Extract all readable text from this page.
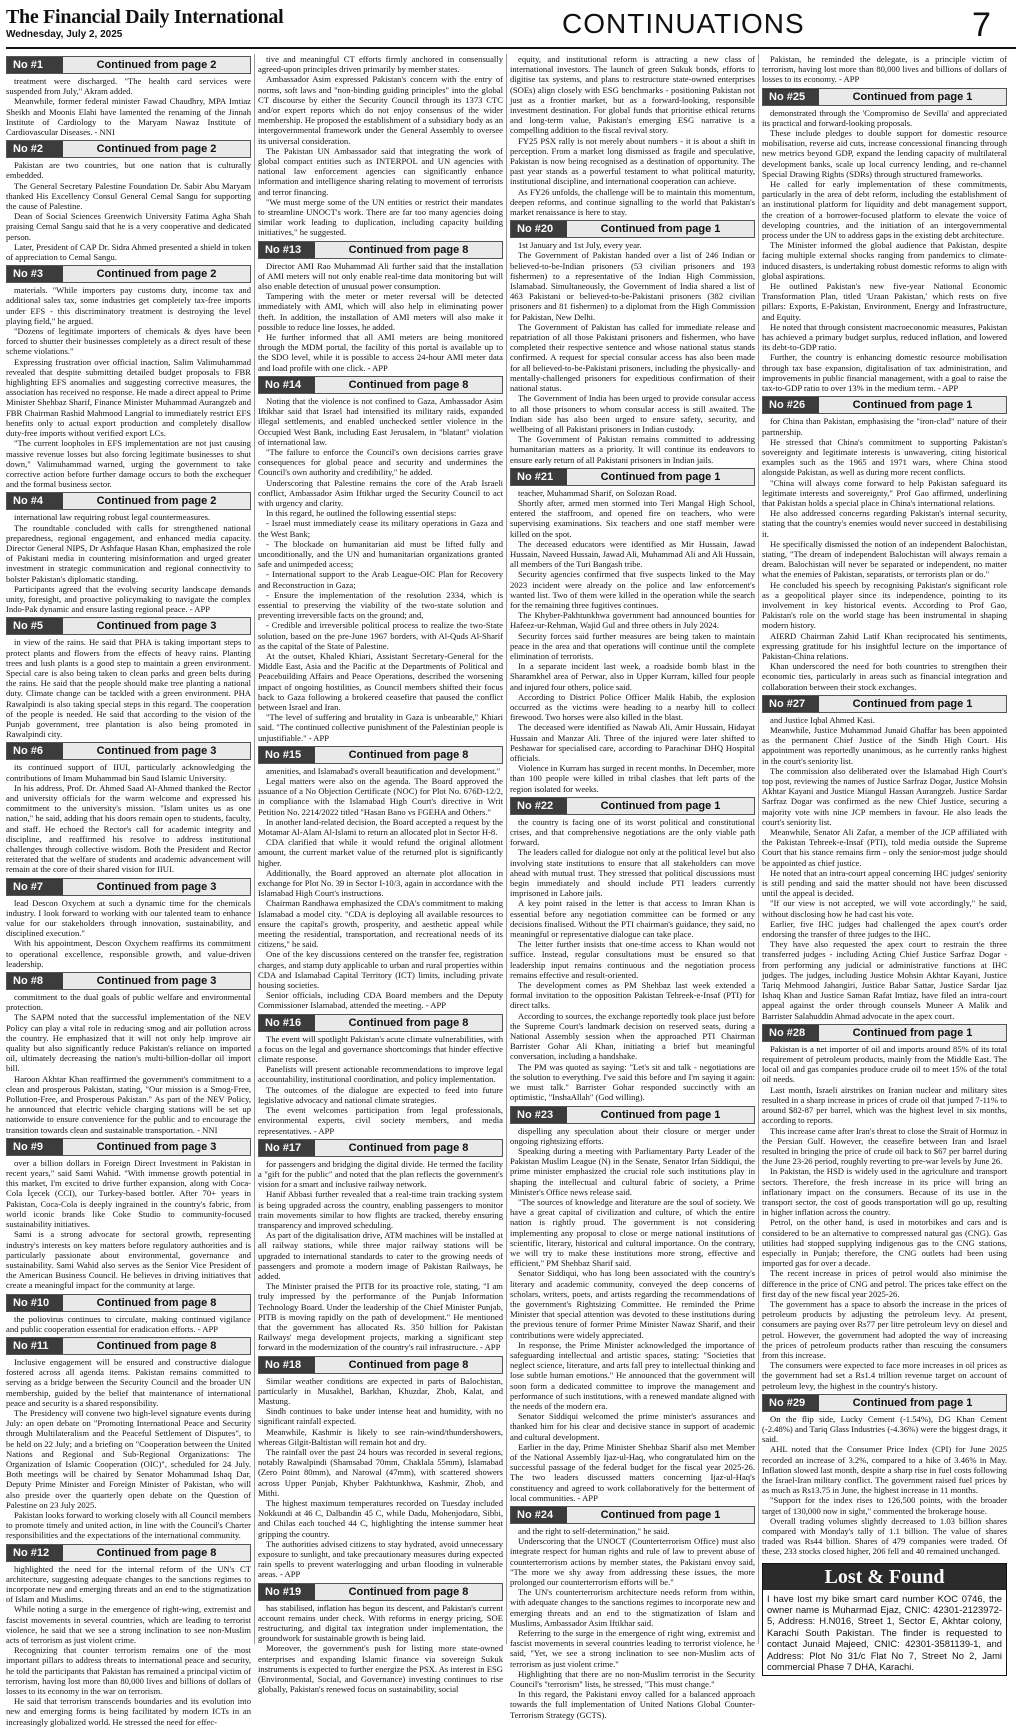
The Financial Daily International
Wednesday, July 2, 2025	CONTINUATIONS	7
No #1	Continued from page 2

treatment were discharged. "The health card services were suspended from July," Akram added.

Meanwhile, former federal minister Fawad Chaudhry, MPA Imtiaz Sheikh and Moonis Elahi have lamented the renaming of the Jinnah Institute of Cardiology to the Maryam Nawaz Institute of Cardiovascular Diseases. - NNI

No #2	Continued from page 2

Pakistan are two countries, but one nation that is culturally embedded.

The General Secretary Palestine Foundation Dr. Sabir Abu Maryam thanked His Excellency Consul General Cemal Sangu for supporting the cause of Palestine.

Dean of Social Sciences Greenwich University Fatima Agha Shah praising Cemal Sangu said that he is a very cooperative and dedicated person.

Later, President of CAP Dr. Sidra Ahmed presented a shield in token of appreciation to Cemal Sangu.

No #3	Continued from page 2

materials. "While importers pay customs duty, income tax and additional sales tax, some industries get completely tax-free imports under EFS - this discriminatory treatment is destroying the level playing field," he argued.

"Dozens of legitimate importers of chemicals & dyes have been forced to shutter their businesses completely as a direct result of these scheme violations."

Expressing frustration over official inaction, Salim Valimuhammad revealed that despite submitting detailed budget proposals to FBR highlighting EFS anomalies and suggesting corrective measures, the association has received no response. He made a direct appeal to Prime Minister Shehbaz Sharif, Finance Minister Muhammad Aurangzeb and FBR Chairman Rashid Mahmood Langrial to immediately restrict EFS benefits only to actual export production and completely disallow duty-free imports without verified export LCs.

"The current loopholes in EFS implementation are not just causing massive revenue losses but also forcing legitimate businesses to shut down," Valimuhammad warned, urging the government to take corrective action before further damage occurs to both the exchequer and the formal business sector.

No #4	Continued from page 2

international law requiring robust legal countermeasures.

The roundtable concluded with calls for strengthened national preparedness, regional engagement, and enhanced media capacity. Director General NIPS, Dr Ashfaque Hasan Khan, emphasized the role of Pakistani media in countering misinformation and urged greater investment in strategic communication and regional connectivity to bolster Pakistan's diplomatic standing.

Participants agreed that the evolving security landscape demands unity, foresight, and proactive policymaking to navigate the complex Indo-Pak dynamic and ensure lasting regional peace. - APP

No #5	Continued from page 3

in view of the rains. He said that PHA is taking important steps to protect plants and flowers from the effects of heavy rains. Planting trees and lush plants is a good step to maintain a green environment. Special care is also being taken to clean parks and green belts during the rains. He said that the people should make tree planting a national duty. Climate change can be tackled with a green environment. PHA Rawalpindi is also taking special steps in this regard. The cooperation of the people is needed. He said that according to the vision of the Punjab government, tree plantation is also being promoted in Rawalpindi city.

No #6	Continued from page 3

its continued support of IIUI, particularly acknowledging the contributions of Imam Muhammad bin Saud Islamic University.

In his address, Prof. Dr. Ahmed Saad Al-Ahmed thanked the Rector and university officials for the warm welcome and expressed his commitment to the university's mission. "Islam unites us as one nation," he said, adding that his doors remain open to students, faculty, and staff. He echoed the Rector's call for academic integrity and discipline, and reaffirmed his resolve to address institutional challenges through collective wisdom. Both the President and Rector reiterated that the welfare of students and academic advancement will remain at the core of their shared vision for IIUI.

No #7	Continued from page 3

lead Descon Oxychem at such a dynamic time for the chemicals industry. I look forward to working with our talented team to enhance value for our stakeholders through innovation, sustainability, and disciplined execution."

With his appointment, Descon Oxychem reaffirms its commitment to operational excellence, responsible growth, and value-driven leadership.

No #8	Continued from page 3

commitment to the dual goals of public welfare and environmental protection.

The SAPM noted that the successful implementation of the NEV Policy can play a vital role in reducing smog and air pollution across the country. He emphasized that it will not only help improve air quality but also significantly reduce Pakistan's reliance on imported oil, ultimately decreasing the nation's multi-billion-dollar oil import bill.

Haroon Akhtar Khan reaffirmed the government's commitment to a clean and prosperous Pakistan, stating, "Our mission is a Smog-Free, Pollution-Free, and Prosperous Pakistan." As part of the NEV Policy, he announced that electric vehicle charging stations will be set up nationwide to ensure convenience for the public and to encourage the transition towards clean and sustainable transportation. - NNI

No #9	Continued from page 3

over a billion dollars in Foreign Direct Investment in Pakistan in recent years," said Sami Wahid. "With immense growth potential in this market, I'm excited to drive further expansion, along with Coca-Cola İçecek (CCI), our Turkey-based bottler. After 70+ years in Pakistan, Coca-Cola is deeply ingrained in the country's fabric, from world iconic brands like Coke Studio to community-focused sustainability initiatives.

Sami is a strong advocate for sectoral growth, representing industry's interests on key matters before regulatory authorities and is particularly passionate about environmental, governance and sustainability. Sami Wahid also serves as the Senior Vice President of the American Business Council. He believes in driving initiatives that create a meaningful impact for the community at large.

No #10	Continued from page 8

the poliovirus continues to circulate, making continued vigilance and public cooperation essential for eradication efforts. - APP

No #11	Continued from page 8

Inclusive engagement will be ensured and constructive dialogue fostered across all agenda items. Pakistan remains committed to serving as a bridge between the Security Council and the broader UN membership, guided by the belief that maintenance of international peace and security is a shared responsibility.

The Presidency will convene two high-level signature events during July: an open debate on "Promoting International Peace and Security through Multilateralism and the Peaceful Settlement of Disputes", to be held on 22 July; and a briefing on "Cooperation between the United Nations and Regional and Sub-Regional Organizations: The Organization of Islamic Cooperation (OIC)", scheduled for 24 July. Both meetings will be chaired by Senator Mohammad Ishaq Dar, Deputy Prime Minister and Foreign Minister of Pakistan, who will also preside over the quarterly open debate on the Question of Palestine on 23 July 2025.

Pakistan looks forward to working closely with all Council members to promote timely and united action, in line with the Council's Charter responsibilities and the expectations of the international community.

No #12	Continued from page 8

highlighted the need for the internal reform of the UN's CT architecture, suggesting adequate changes to the sanctions regimes to incorporate new and emerging threats and an end to the stigmatization of Islam and Muslims.

While noting a surge in the emergence of right-wing, extremist and fascist movements in several countries, which are leading to terrorist violence, he said that we see a strong inclination to see non-Muslim acts of terrorism as just violent crime.

Recognizing that counter terrorism remains one of the most important pillars to address threats to international peace and security, he told the participants that Pakistan has remained a principal victim of terrorism, having lost more than 80,000 lives and billions of dollars of losses to its economy in the war on terrorism.

He said that terrorism transcends boundaries and its evolution into new and emerging forms is being facilitated by modern ICTs in an increasingly globalized world. He stressed the need for effec-

tive and meaningful CT efforts firmly anchored in consensually agreed-upon principles driven primarily by member states.

Ambassador Asim expressed Pakistan's concern with the entry of norms, soft laws and "non-binding guiding principles" into the global CT discourse by either the Security Council through its 1373 CTC and/or expert reports which do not enjoy consensus of the wider membership. He proposed the establishment of a subsidiary body as an intergovernmental framework under the General Assembly to oversee its universal consideration.

The Pakistan UN Ambassador said that integrating the work of global compact entities such as INTERPOL and UN agencies with national law enforcement agencies can significantly enhance information and intelligence sharing relating to movement of terrorists and terror financing.

"We must merge some of the UN entities or restrict their mandates to streamline UNOCT's work. There are far too many agencies doing similar work leading to duplication, including capacity building initiatives," he suggested.

No #13	Continued from page 8

Director AMI Rao Muhammad Ali further said that the installation of AMI meters will not only enable real-time data monitoring but will also enable detection of unusual power consumption.

Tampering with the meter or meter reversal will be detected immediately with AMI, which will also help in eliminating power theft. In addition, the installation of AMI meters will also make it possible to reduce line losses, he added.

He further informed that all AMI meters are being monitored through the MDM portal, the facility of this portal is available up to the SDO level, while it is possible to access 24-hour AMI meter data and load profile with one click. - APP

No #14	Continued from page 8

Noting that the violence is not confined to Gaza, Ambassador Asim Iftikhar said that Israel had intensified its military raids, expanded illegal settlements, and enabled unchecked settler violence in the Occupied West Bank, including East Jerusalem, in "blatant" violation of international law.

"The failure to enforce the Council's own decisions carries grave consequences for global peace and security and undermines the Council's own authority and credibility," he added.

Underscoring that Palestine remains the core of the Arab Israeli conflict, Ambassador Asim Iftikhar urged the Security Council to act with urgency and clarity.

In this regard, he outlined the following essential steps:

- Israel must immediately cease its military operations in Gaza and the West Bank;

- The blockade on humanitarian aid must be lifted fully and unconditionally, and the UN and humanitarian organizations granted safe and unimpeded access;

- International support to the Arab League-OIC Plan for Recovery and Reconstruction in Gaza;

- Ensure the implementation of the resolution 2334, which is essential to preserving the viability of the two-state solution and preventing irreversible facts on the ground; and,

- Credible and irreversible political process to realize the two-State solution, based on the pre-June 1967 borders, with Al-Quds Al-Sharif as the capital of the State of Palestine.

At the outset, Khaled Khiari, Assistant Secretary-General for the Middle East, Asia and the Pacific at the Departments of Political and Peacebuilding Affairs and Peace Operations, described the worsening impact of ongoing hostilities, as Council members shifted their focus back to Gaza following a brokered ceasefire that paused the conflict between Israel and Iran.

"The level of suffering and brutality in Gaza is unbearable," Khiari said. "The continued collective punishment of the Palestinian people is unjustifiable." - APP

No #15	Continued from page 8

amenities, and Islamabad's overall beautification and development."

Legal matters were also on the agenda. The Board approved the issuance of a No Objection Certificate (NOC) for Plot No. 676D-12/2, in compliance with the Islamabad High Court's directive in Writ Petition No. 2214/2022 titled "Hasan Bano vs FGEHA and Others."

In another land-related decision, the Board accepted a request by the Motamar Al-Alam Al-Islami to return an allocated plot in Sector H-8.

CDA clarified that while it would refund the original allotment amount, the current market value of the returned plot is significantly higher.

Additionally, the Board approved an alternate plot allocation in exchange for Plot No. 39 in Sector I-10/3, again in accordance with the Islamabad High Court's instructions.

Chairman Randhawa emphasized the CDA's commitment to making Islamabad a model city. "CDA is deploying all available resources to ensure the capital's growth, prosperity, and aesthetic appeal while meeting the residential, transportation, and recreational needs of its citizens," he said.

One of the key discussions centered on the transfer fee, registration charges, and stamp duty applicable to urban and rural properties within CDA and Islamabad Capital Territory (ICT) limits, including private housing societies.

Senior officials, including CDA Board members and the Deputy Commissioner Islamabad, attended the meeting. - APP

No #16	Continued from page 8

The event will spotlight Pakistan's acute climate vulnerabilities, with a focus on the legal and governance shortcomings that hinder effective climate response.

Panelists will present actionable recommendations to improve legal accountability, institutional coordination, and policy implementation.

The outcomes of the dialogue are expected to feed into future legislative advocacy and national climate strategies.

The event welcomes participation from legal professionals, environmental experts, civil society members, and media representatives. - APP

No #17	Continued from page 8

for passengers and bridging the digital divide. He termed the facility a "gift for the public" and noted that the plan reflects the government's vision for a smart and inclusive railway network.

Hanif Abbasi further revealed that a real-time train tracking system is being upgraded across the country, enabling passengers to monitor train movements similar to how flights are tracked, thereby ensuring transparency and improved scheduling.

As part of the digitalisation drive, ATM machines will be installed at all railway stations, while three major railway stations will be upgraded to international standards to cater to the growing needs of passengers and promote a modern image of Pakistan Railways, he added.

The Minister praised the PITB for its proactive role, stating, "I am truly impressed by the performance of the Punjab Information Technology Board. Under the leadership of the Chief Minister Punjab, PITB is moving rapidly on the path of development." He mentioned that the government has allocated Rs. 350 billion for Pakistan Railways' mega development projects, marking a significant step forward in the modernization of the country's rail infrastructure. - APP

No #18	Continued from page 8

Similar weather conditions are expected in parts of Balochistan, particularly in Musakhel, Barkhan, Khuzdar, Zhob, Kalat, and Mastung.

Sindh continues to bake under intense heat and humidity, with no significant rainfall expected.

Meanwhile, Kashmir is likely to see rain-wind/thundershowers, whereas Gilgit-Baltistan will remain hot and dry.

The rainfall over the past 24 hours was recorded in several regions, notably Rawalpindi (Shamsabad 70mm, Chaklala 55mm), Islamabad (Zero Point 80mm), and Narowal (47mm), with scattered showers across Upper Punjab, Khyber Pakhtunkhwa, Kashmir, Zhob, and Mithi.

The highest maximum temperatures recorded on Tuesday included Nokkundi at 46 C, Dalbandin 45 C, while Dadu, Mohenjodaro, Sibbi, and Chilas each touched 44 C, highlighting the intense summer heat gripping the country.

The authorities advised citizens to stay hydrated, avoid unnecessary exposure to sunlight, and take precautionary measures during expected rain spells to prevent waterlogging and urban flooding in vulnerable areas. - APP

No #19	Continued from page 8

has stabilised, inflation has begun its descent, and Pakistan's current account remains under check. With reforms in energy pricing, SOE restructuring, and digital tax integration under implementation, the groundwork for sustainable growth is being laid.

Moreover, the government's push for listing more state-owned enterprises and expanding Islamic finance via sovereign Sukuk instruments is expected to further energize the PSX. As interest in ESG (Environmental, Social, and Governance) investing continues to rise globally, Pakistan's renewed focus on sustainability, social

equity, and institutional reform is attracting a new class of international investors. The launch of green Sukuk bonds, efforts to digitise tax systems, and plans to restructure state-owned enterprises (SOEs) align closely with ESG benchmarks - positioning Pakistan not just as a frontier market, but as a forward-looking, responsible investment destination. For global funds that prioritise ethical returns and long-term value, Pakistan's emerging ESG narrative is a compelling addition to the fiscal revival story.

FY25 PSX rally is not merely about numbers - it is about a shift in perception. From a market long dismissed as fragile and speculative, Pakistan is now being recognised as a destination of opportunity. The past year stands as a powerful testament to what political maturity, institutional discipline, and international cooperation can achieve.

As FY26 unfolds, the challenge will be to maintain this momentum, deepen reforms, and continue signalling to the world that Pakistan's market renaissance is here to stay.

No #20	Continued from page 1

1st January and 1st July, every year.

The Government of Pakistan handed over a list of 246 Indian or believed-to-be-Indian prisoners (53 civilian prisoners and 193 fishermen) to a representative of the Indian High Commission, Islamabad. Simultaneously, the Government of India shared a list of 463 Pakistani or believed-to-be-Pakistani prisoners (382 civilian prisoners and 81 fishermen) to a diplomat from the High Commission for Pakistan, New Delhi.

The Government of Pakistan has called for immediate release and repatriation of all those Pakistani prisoners and fishermen, who have completed their respective sentence and whose national status stands confirmed. A request for special consular access has also been made for all believed-to-be-Pakistani prisoners, including the physically- and mentally-challenged prisoners for expeditious confirmation of their national status.

The Government of India has been urged to provide consular access to all those prisoners to whom consular access is still awaited. The Indian side has also been urged to ensure safety, security, and wellbeing of all Pakistani prisoners in Indian custody.

The Government of Pakistan remains committed to addressing humanitarian matters as a priority. It will continue its endeavors to ensure early return of all Pakistani prisoners in Indian jails.

No #21	Continued from page 1

teacher, Muhammad Sharif, on Solozan Road.

Shortly after, armed men stormed into Teri Mangal High School, entered the staffroom, and opened fire on teachers, who were supervising examinations. Six teachers and one staff member were killed on the spot.

The deceased educators were identified as Mir Hussain, Jawad Hussain, Naveed Hussain, Jawad Ali, Muhammad Ali and Ali Hussain, all members of the Turi Bangash tribe.

Security agencies confirmed that five suspects linked to the May 2023 incident were already on the police and law enforcement's wanted list. Two of them were killed in the operation while the search for the remaining three fugitives continues.

The Khyber-Pakhtunkhwa government had announced bounties for Hafeez-ur-Rehman, Wajid Gul and three others in July 2024.

Security forces said further measures are being taken to maintain peace in the area and that operations will continue until the complete elimination of terrorists.

In a separate incident last week, a roadside bomb blast in the Sharamkhel area of Perwar, also in Upper Kurram, killed four people and injured four others, police said.

According to District Police Officer Malik Habib, the explosion occurred as the victims were heading to a nearby hill to collect firewood. Two horses were also killed in the blast.

The deceased were identified as Nawab Ali, Amir Hussain, Hidayat Hussain and Manzar Ali. Three of the injured were later shifted to Peshawar for specialised care, according to Parachinar DHQ Hospital officials.

Violence in Kurram has surged in recent months. In December, more than 100 people were killed in tribal clashes that left parts of the region isolated for weeks.

No #22	Continued from page 1

the country is facing one of its worst political and constitutional crises, and that comprehensive negotiations are the only viable path forward.

The leaders called for dialogue not only at the political level but also involving state institutions to ensure that all stakeholders can move ahead with mutual trust. They stressed that political discussions must begin immediately and should include PTI leaders currently imprisoned in Lahore jails.

A key point raised in the letter is that access to Imran Khan is essential before any negotiation committee can be formed or any decisions finalised. Without the PTI chairman's guidance, they said, no meaningful or representative dialogue can take place.

The letter further insists that one-time access to Khan would not suffice. Instead, regular consultations must be ensured so that leadership input remains continuous and the negotiation process remains effective and result-oriented.

The development comes as PM Shehbaz last week extended a formal invitation to the opposition Pakistan Tehreek-e-Insaf (PTI) for direct talks.

According to sources, the exchange reportedly took place just before the Supreme Court's landmark decision on reserved seats, during a National Assembly session when the approached PTI Chairman Barrister Gohar Ali Khan, initiating a brief but meaningful conversation, including a handshake.

The PM was quoted as saying: "Let's sit and talk - negotiations are the solution to everything. I've said this before and I'm saying it again: we must talk." Barrister Gohar responded succinctly with an optimistic, "InshaAllah" (God willing).

No #23	Continued from page 1

dispelling any speculation about their closure or merger under ongoing rightsizing efforts.

Speaking during a meeting with Parliamentary Party Leader of the Pakistan Muslim League (N) in the Senate, Senator Irfan Siddiqui, the prime minister emphasized the crucial role such institutions play in shaping the intellectual and cultural fabric of society, a Prime Minister's Office news release said.

"The sources of knowledge and literature are the soul of society. We have a great capital of civilization and culture, of which the entire nation is rightly proud. The government is not considering implementing any proposal to close or merge national institutions of scientific, literary, historical and cultural importance. On the contrary, we will try to make these institutions more strong, effective and efficient," PM Shehbaz Sharif said.

Senator Siddiqui, who has long been associated with the country's literary and academic community, conveyed the deep concerns of scholars, writers, poets, and artists regarding the recommendations of the government's Rightsizing Committee. He reminded the Prime Minister that special attention was devoted to these institutions during the previous tenure of former Prime Minister Nawaz Sharif, and their contributions were widely appreciated.

In response, the Prime Minister acknowledged the importance of safeguarding intellectual and artistic spaces, stating: "Societies that neglect science, literature, and arts fall prey to intellectual thinking and lose subtle human emotions." He announced that the government will soon form a dedicated committee to improve the management and performance of such institutions, with a renewed mandate aligned with the needs of the modern era.

Senator Siddiqui welcomed the prime minister's assurances and thanked him for his clear and decisive stance in support of academic and cultural development.

Earlier in the day, Prime Minister Shehbaz Sharif also met Member of the National Assembly Ijaz-ul-Haq, who congratulated him on the successful passage of the federal budget for the fiscal year 2025-26. The two leaders discussed matters concerning Ijaz-ul-Haq's constituency and agreed to work collaboratively for the betterment of local communities. - APP

No #24	Continued from page 1

and the right to self-determination," he said.

Underscoring that the UNOCT (Counterterrorism Office) must also integrate respect for human rights and rule of law to prevent abuse of counterterrorism actions by member states, the Pakistani envoy said, "The more we shy away from addressing these issues, the more prolonged our counterterrorism efforts will be."

The UN's counterterrorism architecture needs reform from within, with adequate changes to the sanctions regimes to incorporate new and emerging threats and an end to the stigmatization of Islam and Muslims, Ambassador Asim Iftikhar said.

Referring to the surge in the emergence of right wing, extremist and fascist movements in several countries leading to terrorist violence, he said, "Yet, we see a strong inclination to see non-Muslim acts of terrorism as just violent crime."

Highlighting that there are no non-Muslim terrorist in the Security Council's "terrorism" lists, he stressed, "This must change."

In this regard, the Pakistani envoy called for a balanced approach towards the full implementation of United Nations Global Counter-Terrorism Strategy (GCTS).

Pakistan, he reminded the delegate, is a principle victim of terrorism, having lost more than 80,000 lives and billions of dollars of losses to its economy. - APP

No #25	Continued from page 1

demonstrated through the 'Compromiso de Sevilla' and appreciated its practical and forward-looking proposals.

These include pledges to double support for domestic resource mobilisation, reverse aid cuts, increase concessional financing through new metrics beyond GDP, expand the lending capacity of multilateral development banks, scale up local currency lending, and re-channel Special Drawing Rights (SDRs) through structured frameworks.

He called for early implementation of these commitments, particularly in the area of debt reform, including the establishment of an institutional platform for liquidity and debt management support, the creation of a borrower-focused platform to elevate the voice of developing countries, and the initiation of an intergovernmental process under the UN to address gaps in the existing debt architecture.

The Minister informed the global audience that Pakistan, despite facing multiple external shocks ranging from pandemics to climate-induced disasters, is undertaking robust domestic reforms to align with global aspirations.

He outlined Pakistan's new five-year National Economic Transformation Plan, titled 'Uraan Pakistan,' which rests on five pillars: Exports, E-Pakistan, Environment, Energy and Infrastructure, and Equity.

He noted that through consistent macroeconomic measures, Pakistan has achieved a primary budget surplus, reduced inflation, and lowered its debt-to-GDP ratio.

Further, the country is enhancing domestic resource mobilisation through tax base expansion, digitalisation of tax administration, and improvements in public financial management, with a goal to raise the tax-to-GDP ratio to over 13% in the medium term. - APP

No #26	Continued from page 1

for China than Pakistan, emphasising the "iron-clad" nature of their partnership.

He stressed that China's commitment to supporting Pakistan's sovereignty and legitimate interests is unwavering, citing historical examples such as the 1965 and 1971 wars, where China stood alongside Pakistan, as well as during more recent conflicts.

"China will always come forward to help Pakistan safeguard its legitimate interests and sovereignty," Prof Gao affirmed, underlining that Pakistan holds a special place in China's international relations.

He also addressed concerns regarding Pakistan's internal security, stating that the country's enemies would never succeed in destabilising it.

He specifically dismissed the notion of an independent Balochistan, stating, "The dream of independent Balochistan will always remain a dream. Balochistan will never be separated or independent, no matter what the enemies of Pakistan, separatists, or terrorists plan or do."

He concluded his speech by recognising Pakistan's significant role as a geopolitical player since its independence, pointing to its involvement in key historical events. According to Prof Gao, Pakistan's role on the world stage has been instrumental in shaping modern history.

AIERD Chairman Zahid Latif Khan reciprocated his sentiments, expressing gratitude for his insightful lecture on the importance of Pakistan-China relations.

Khan underscored the need for both countries to strengthen their economic ties, particularly in areas such as financial integration and collaboration between their stock exchanges.

No #27	Continued from page 1

and Justice Iqbal Ahmed Kasi.

Meanwhile, Justice Muhammad Junaid Ghaffar has been appointed as the permanent Chief Justice of the Sindh High Court. His appointment was reportedly unanimous, as he currently ranks highest in the court's seniority list.

The commission also deliberated over the Islamabad High Court's top post, reviewing the names of Justice Sarfraz Dogar, Justice Mohsin Akhtar Kayani and Justice Miangul Hassan Aurangzeb. Justice Sardar Sarfraz Dogar was confirmed as the new Chief Justice, securing a majority vote with nine JCP members in favour. He also leads the court's seniority list.

Meanwhile, Senator Ali Zafar, a member of the JCP affiliated with the Pakistan Tehreek-e-Insaf (PTI), told media outside the Supreme Court that his stance remains firm - only the senior-most judge should be appointed as chief justice.

He noted that an intra-court appeal concerning IHC judges' seniority is still pending and said the matter should not have been discussed until the appeal is decided.

"If our view is not accepted, we will vote accordingly," he said, without disclosing how he had cast his vote.

Earlier, five IHC judges had challenged the apex court's order endorsing the transfer of three judges to the IHC.

They have also requested the apex court to restrain the three transferred judges - including Acting Chief Justice Sarfraz Dogar - from performing any judicial or administrative functions at IHC judges. The judges, including Justice Mohsin Akhtar Kayani, Justice Tariq Mehmood Jahangiri, Justice Babar Sattar, Justice Sardar Ijaz Ishaq Khan and Justice Saman Rafat Imtiaz, have filed an intra-court appeal against the order through counsels Muneer A Malik and Barrister Salahuddin Ahmad advocate in the apex court.

No #28	Continued from page 1

Pakistan is a net importer of oil and imports around 85% of its total requirement of petroleum products, mainly from the Middle East. The local oil and gas companies produce crude oil to meet 15% of the total oil needs.

Last month, Israeli airstrikes on Iranian nuclear and military sites resulted in a sharp increase in prices of crude oil that jumped 7-11% to around $82-87 per barrel, which was the highest level in six months, according to reports.

This increase came after Iran's threat to close the Strait of Hormuz in the Persian Gulf. However, the ceasefire between Iran and Israel resulted in bringing the price of crude oil back to $67 per barrel during the June 23-26 period, roughly reverting to pre-war levels by June 26.

In Pakistan, the HSD is widely used in the agriculture and transport sectors. Therefore, the fresh increase in its price will bring an inflationary impact on the consumers. Because of its use in the transport sector, the cost of goods transportation will go up, resulting in higher inflation across the country.

Petrol, on the other hand, is used in motorbikes and cars and is considered to be an alternative to compressed natural gas (CNG). Gas utilities had stopped supplying indigenous gas to the CNG stations, especially in Punjab; therefore, the CNG outlets had been using imported gas for over a decade.

The recent increase in prices of petrol would also minimise the difference in the price of CNG and petrol. The prices take effect on the first day of the new fiscal year 2025-26.

The government has a space to absorb the increase in the prices of petroleum products by adjusting the petroleum levy. At present, consumers are paying over Rs77 per litre petroleum levy on diesel and petrol. However, the government had adopted the way of increasing the prices of petroleum products rather than rescuing the consumers from this increase.

The consumers were expected to face more increases in oil prices as the government had set a Rs1.4 trillion revenue target on account of petroleum levy, the highest in the country's history.

No #29	Continued from page 1

On the flip side, Lucky Cement (-1.54%), DG Khan Cement (-2.48%) and Tariq Glass Industries (-4.36%) were the biggest drags, it said.

AHL noted that the Consumer Price Index (CPI) for June 2025 recorded an increase of 3.2%, compared to a hike of 3.46% in May. Inflation slowed last month, despite a sharp rise in fuel costs following the Israel-Iran military conflict. The government raised fuel prices by as much as Rs13.75 in June, the highest increase in 11 months.

"Support for the index rises to 126,500 points, with the broader target of 130,000 now in sight," commented the brokerage house.

Overall trading volumes slightly decreased to 1.03 billion shares compared with Monday's tally of 1.1 billion. The value of shares traded was Rs44 billion. Shares of 479 companies were traded. Of these, 233 stocks closed higher, 206 fell and 40 remained unchanged.

Lost & Found

I have lost my bike smart card number KOC 0746, the owner name is Muharmad Ejaz, CNIC: 42301-2123972-5, Address: H.N016, Street 1, Sector E, Akhtar colony, Karachi South Pakistan. The finder is requested to contact Junaid Majeed, CNIC: 42301-3581139-1, and Address: Plot No 31/c Flat No 7, Street No 2, Jami commercial Phase 7 DHA, Karachi.
